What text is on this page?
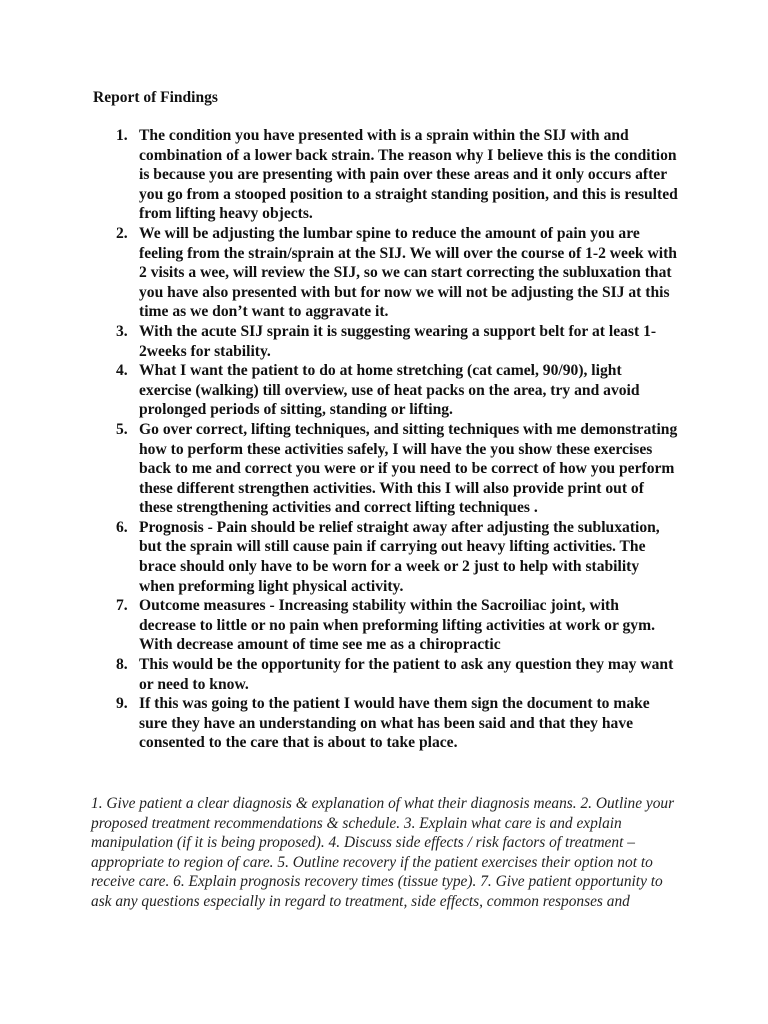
Report of Findings
1. The condition you have presented with is a sprain within the SIJ with and combination of a lower back strain. The reason why I believe this is the condition is because you are presenting with pain over these areas and it only occurs after you go from a stooped position to a straight standing position, and this is resulted from lifting heavy objects.
2. We will be adjusting the lumbar spine to reduce the amount of pain you are feeling from the strain/sprain at the SIJ. We will over the course of 1-2 week with 2 visits a wee, will review the SIJ, so we can start correcting the subluxation that you have also presented with but for now we will not be adjusting the SIJ at this time as we don’t want to aggravate it.
3. With the acute SIJ sprain it is suggesting wearing a support belt for at least 1-2weeks for stability.
4. What I want the patient to do at home stretching (cat camel, 90/90), light exercise (walking) till overview, use of heat packs on the area, try and avoid prolonged periods of sitting, standing or lifting.
5. Go over correct, lifting techniques, and sitting techniques with me demonstrating how to perform these activities safely, I will have the you show these exercises back to me and correct you were or if you need to be correct of how you perform these different strengthen activities. With this I will also provide print out of these strengthening activities and correct lifting techniques .
6. Prognosis - Pain should be relief straight away after adjusting the subluxation, but the sprain will still cause pain if carrying out heavy lifting activities. The brace should only have to be worn for a week or 2 just to help with stability when preforming light physical activity.
7. Outcome measures - Increasing stability within the Sacroiliac joint, with decrease to little or no pain when preforming lifting activities at work or gym. With decrease amount of time see me as a chiropractic
8. This would be the opportunity for the patient to ask any question they may want or need to know.
9. If this was going to the patient I would have them sign the document to make sure they have an understanding on what has been said and that they have consented to the care that is about to take place.

1. Give patient a clear diagnosis & explanation of what their diagnosis means. 2. Outline your proposed treatment recommendations & schedule. 3. Explain what care is and explain manipulation (if it is being proposed). 4. Discuss side effects / risk factors of treatment – appropriate to region of care. 5. Outline recovery if the patient exercises their option not to receive care. 6. Explain prognosis recovery times (tissue type). 7. Give patient opportunity to ask any questions especially in regard to treatment, side effects, common responses and
